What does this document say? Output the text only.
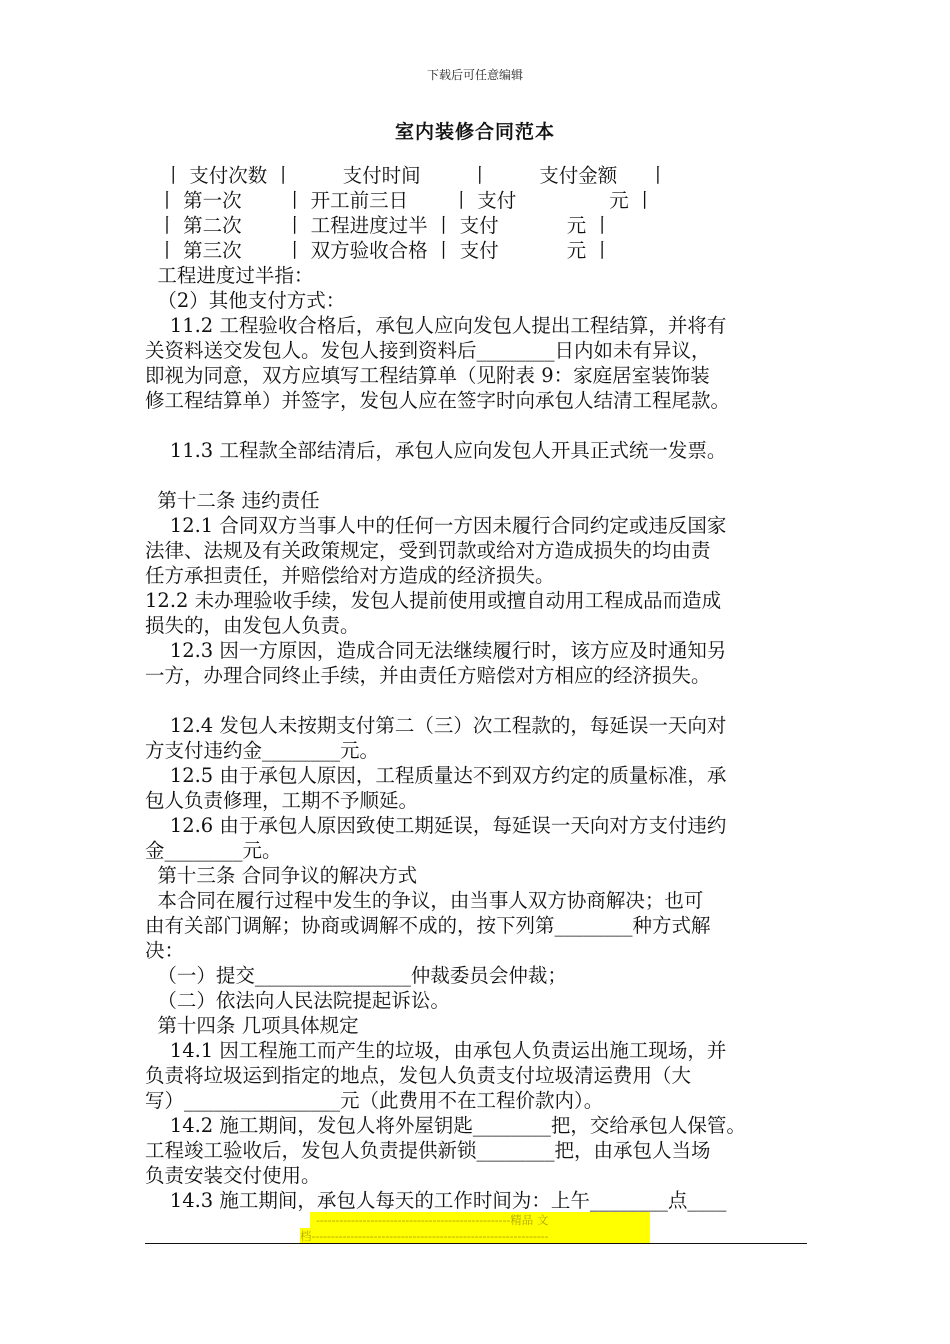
下载后可任意编辑
室内装修合同范本
丨 支付次数 丨        支付时间        丨        支付金额     丨
丨 第一次       丨 开工前三日       丨 支付               元 丨
丨 第二次       丨 工程进度过半 丨 支付           元 丨
丨 第三次       丨 双方验收合格 丨 支付           元 丨
工程进度过半指：
（2）其他支付方式：
11.2 工程验收合格后，承包人应向发包人提出工程结算，并将有
关资料送交发包人。发包人接到资料后________日内如未有异议，
即视为同意，双方应填写工程结算单（见附表 9：家庭居室装饰装
修工程结算单）并签字，发包人应在签字时向承包人结清工程尾款。
11.3 工程款全部结清后，承包人应向发包人开具正式统一发票。
第十二条 违约责任
12.1 合同双方当事人中的任何一方因未履行合同约定或违反国家
法律、法规及有关政策规定，受到罚款或给对方造成损失的均由责
任方承担责任，并赔偿给对方造成的经济损失。
12.2 未办理验收手续，发包人提前使用或擅自动用工程成品而造成
损失的，由发包人负责。
12.3 因一方原因，造成合同无法继续履行时，该方应及时通知另
一方，办理合同终止手续，并由责任方赔偿对方相应的经济损失。
12.4 发包人未按期支付第二（三）次工程款的，每延误一天向对
方支付违约金________元。
12.5 由于承包人原因，工程质量达不到双方约定的质量标准，承
包人负责修理，工期不予顺延。
12.6 由于承包人原因致使工期延误，每延误一天向对方支付违约
金________元。
第十三条 合同争议的解决方式
本合同在履行过程中发生的争议，由当事人双方协商解决；也可
由有关部门调解；协商或调解不成的，按下列第________种方式解
决：
（一）提交________________仲裁委员会仲裁；
（二）依法向人民法院提起诉讼。
第十四条 几项具体规定
14.1 因工程施工而产生的垃圾，由承包人负责运出施工现场，并
负责将垃圾运到指定的地点，发包人负责支付垃圾清运费用（大
写）________________元（此费用不在工程价款内）。
14.2 施工期间，发包人将外屋钥匙________把，交给承包人保管。
工程竣工验收后，发包人负责提供新锁________把，由承包人当场
负责安装交付使用。
14.3 施工期间，承包人每天的工作时间为：上午________点____
--------------------------------------------------精品 文
档-------------------------------------------------------------
